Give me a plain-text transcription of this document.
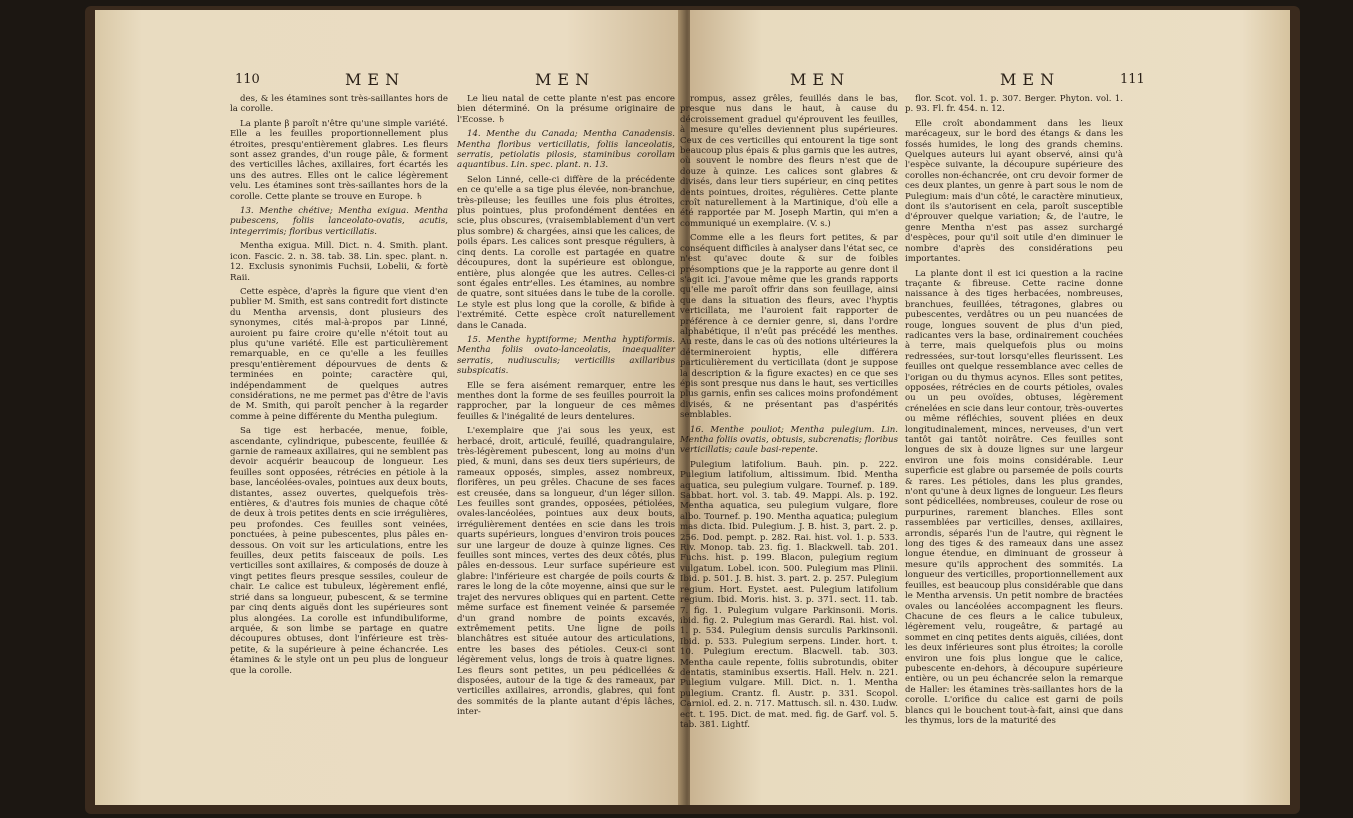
110	MEN	MEN

des, & les étamines sont très-saillantes hors de la corolle.

La plante β paroît n'être qu'une simple variété. Elle a les feuilles proportionnellement plus étroites, presqu'entièrement glabres. Les fleurs sont assez grandes, d'un rouge pâle, & forment des verticilles lâches, axillaires, fort écartés les uns des autres. Elles ont le calice légèrement velu. Les étamines sont très-saillantes hors de la corolle. Cette plante se trouve en Europe. ♄

13. Menthe chétive; Mentha exigua. Mentha pubescens, foliis lanceolato-ovatis, acutis, integerrimis; floribus verticillatis.

Mentha exigua. Mill. Dict. n. 4. Smith. plant. icon. Fascic. 2. n. 38. tab. 38. Lin. spec. plant. n. 12. Exclusis synonimis Fuchsii, Lobelii, & fortè Raii.

Cette espèce, d'après la figure que vient d'en publier M. Smith, est sans contredit fort distincte du Mentha arvensis, dont plusieurs des synonymes, cités mal-à-propos par Linné, auroient pu faire croire qu'elle n'étoit tout au plus qu'une variété. Elle est particulièrement remarquable, en ce qu'elle a les feuilles presqu'entièrement dépourvues de dents & terminées en pointe; caractère qui, indépendamment de quelques autres considérations, ne me permet pas d'être de l'avis de M. Smith, qui paroît pencher à la regarder comme à peine différente du Mentha pulegium.

Sa tige est herbacée, menue, foible, ascendante, cylindrique, pubescente, feuillée & garnie de rameaux axillaires, qui ne semblent pas devoir acquérir beaucoup de longueur. Les feuilles sont opposées, rétrécies en pétiole à la base, lancéolées-ovales, pointues aux deux bouts, distantes, assez ouvertes, quelquefois très-entières, & d'autres fois munies de chaque côté de deux à trois petites dents en scie irrégulières, peu profondes. Ces feuilles sont veinées, ponctuées, à peine pubescentes, plus pâles en-dessous. On voit sur les articulations, entre les feuilles, deux petits faisceaux de poils. Les verticilles sont axillaires, & composés de douze à vingt petites fleurs presque sessiles, couleur de chair. Le calice est tubuleux, légèrement enflé, strié dans sa longueur, pubescent, & se termine par cinq dents aiguës dont les supérieures sont plus alongées. La corolle est infundibuliforme, arquée, & son limbe se partage en quatre découpures obtuses, dont l'inférieure est très-petite, & la supérieure à peine échancrée. Les étamines & le style ont un peu plus de longueur que la corolle.

Le lieu natal de cette plante n'est pas encore bien déterminé. On la présume originaire de l'Ecosse. ♄

14. Menthe du Canada; Mentha Canadensis. Mentha floribus verticillatis, foliis lanceolatis, serratis, petiolatis pilosis, staminibus corollam aquantibus. Lin. spec. plant. n. 13.

Selon Linné, celle-ci diffère de la précédente en ce qu'elle a sa tige plus élevée, non-branchue, très-pileuse; les feuilles une fois plus étroites, plus pointues, plus profondément dentées en scie, plus obscures, (vraisemblablement d'un vert plus sombre) & chargées, ainsi que les calices, de poils épars. Les calices sont presque réguliers, à cinq dents. La corolle est partagée en quatre découpures, dont la supérieure est oblongue, entière, plus alongée que les autres. Celles-ci sont égales entr'elles. Les étamines, au nombre de quatre, sont situées dans le tube de la corolle. Le style est plus long que la corolle, & bifide à l'extrémité. Cette espèce croît naturellement dans le Canada.

15. Menthe hyptiforme; Mentha hyptiformis. Mentha foliis ovato-lanceolatis, inaequaliter serratis, nudiusculis; verticillis axillaribus subspicatis.

Elle se fera aisément remarquer, entre les menthes dont la forme de ses feuilles pourroit la rapprocher, par la longueur de ces mêmes feuilles & l'inégalité de leurs dentelures.

L'exemplaire que j'ai sous les yeux, est herbacé, droit, articulé, feuillé, quadrangulaire, très-légèrement pubescent, long au moins d'un pied, & muni, dans ses deux tiers supérieurs, de rameaux opposés, simples, assez nombreux, florifères, un peu grêles. Chacune de ses faces est creusée, dans sa longueur, d'un léger sillon. Les feuilles sont grandes, opposées, pétiolées, ovales-lancéolées, pointues aux deux bouts, irrégulièrement dentées en scie dans les trois quarts supérieurs, longues d'environ trois pouces sur une largeur de douze à quinze lignes. Ces feuilles sont minces, vertes des deux côtés, plus pâles en-dessous. Leur surface supérieure est glabre: l'inférieure est chargée de poils courts & rares le long de la côte moyenne, ainsi que sur le trajet des nervures obliques qui en partent. Cette même surface est finement veinée & parsemée d'un grand nombre de points excavés, extrêmement petits. Une ligne de poils blanchâtres est située autour des articulations, entre les bases des pétioles. Ceux-ci sont légèrement velus, longs de trois à quatre lignes. Les fleurs sont petites, un peu pédicellées & disposées, autour de la tige & des rameaux, par verticilles axillaires, arrondis, glabres, qui font des sommités de la plante autant d'épis lâches, inter-

MEN	MEN	111

rompus, assez grêles, feuillés dans le bas, presque nus dans le haut, à cause du décroissement graduel qu'éprouvent les feuilles, à mesure qu'elles deviennent plus supérieures. Ceux de ces verticilles qui entourent la tige sont beaucoup plus épais & plus garnis que les autres, où souvent le nombre des fleurs n'est que de douze à quinze. Les calices sont glabres & divisés, dans leur tiers supérieur, en cinq petites dents pointues, droites, régulières. Cette plante croît naturellement à la Martinique, d'où elle a été rapportée par M. Joseph Martin, qui m'en a communiqué un exemplaire. (V. s.)

Comme elle a les fleurs fort petites, & par conséquent difficiles à analyser dans l'état sec, ce n'est qu'avec doute & sur de foibles présomptions que je la rapporte au genre dont il s'agit ici. J'avoue même que les grands rapports qu'elle me paroît offrir dans son feuillage, ainsi que dans la situation des fleurs, avec l'hyptis verticillata, me l'auroient fait rapporter de préférence à ce dernier genre, si, dans l'ordre alphabétique, il n'eût pas précédé les menthes. Au reste, dans le cas où des notions ultérieures la détermineroient hyptis, elle différera particulièrement du verticillata (dont je suppose la description & la figure exactes) en ce que ses épis sont presque nus dans le haut, ses verticilles plus garnis, enfin ses calices moins profondément divisés, & ne présentant pas d'aspérités semblables.

16. Menthe pouliot; Mentha pulegium. Lin. Mentha foliis ovatis, obtusis, subcrenatis; floribus verticillatis; caule basi-repente.

Pulegium latifolium. Bauh. pin. p. 222. Pulegium latifolium, altissimum. Ibid. Mentha aquatica, seu pulegium vulgare. Tournef. p. 189. Sabbat. hort. vol. 3. tab. 49. Mappi. Als. p. 192. Mentha aquatica, seu pulegium vulgare, flore albo. Tournef. p. 190. Mentha aquatica; pulegium mas dicta. Ibid. Pulegium. J. B. hist. 3, part. 2. p. 256. Dod. pempt. p. 282. Rai. hist. vol. 1. p. 533. Riv. Monop. tab. 23. fig. 1. Blackwell. tab. 201. Fuchs. hist. p. 199. Blacon, pulegium regium vulgatum. Lobel. icon. 500. Pulegium mas Plinii. Ibid. p. 501. J. B. hist. 3. part. 2. p. 257. Pulegium regium. Hort. Eystet. aest. Pulegium latifolium regium. Ibid. Moris. hist. 3. p. 371. sect. 11. tab. 7. fig. 1. Pulegium vulgare Parkinsonii. Moris. ibid. fig. 2. Pulegium mas Gerardi. Rai. hist. vol. 1. p. 534. Pulegium densis surculis Parkinsonii. Ibid. p. 533. Pulegium serpens. Linder. hort. t. 10. Pulegium erectum. Blacwell. tab. 303. Mentha caule repente, foliis subrotundis, obiter dentatis, staminibus exsertis. Hall. Helv. n. 221. Pulegium vulgare. Mill. Dict. n. 1. Mentha pulegium. Crantz. fl. Austr. p. 331. Scopol. Carniol. ed. 2. n. 717. Mattusch. sil. n. 430. Ludw. ect. t. 195. Dict. de mat. med. fig. de Garf. vol. 5. tab. 381. Lightf.

flor. Scot. vol. 1. p. 307. Berger. Phyton. vol. 1. p. 93. Fl. fr. 454. n. 12.

Elle croît abondamment dans les lieux marécageux, sur le bord des étangs & dans les fossés humides, le long des grands chemins. Quelques auteurs lui ayant observé, ainsi qu'à l'espèce suivante, la découpure supérieure des corolles non-échancrée, ont cru devoir former de ces deux plantes, un genre à part sous le nom de Pulegium: mais d'un côté, le caractère minutieux, dont ils s'autorisent en cela, paroît susceptible d'éprouver quelque variation; &, de l'autre, le genre Mentha n'est pas assez surchargé d'espèces, pour qu'il soit utile d'en diminuer le nombre d'après des considérations peu importantes.

La plante dont il est ici question a la racine traçante & fibreuse. Cette racine donne naissance à des tiges herbacées, nombreuses, branchues, feuillées, tétragones, glabres ou pubescentes, verdâtres ou un peu nuancées de rouge, longues souvent de plus d'un pied, radicantes vers la base, ordinairement couchées à terre, mais quelquefois plus ou moins redressées, sur-tout lorsqu'elles fleurissent. Les feuilles ont quelque ressemblance avec celles de l'origan ou du thymus acynos. Elles sont petites, opposées, rétrécies en de courts pétioles, ovales ou un peu ovoïdes, obtuses, légèrement crénelées en scie dans leur contour, très-ouvertes ou même réfléchies, souvent pliées en deux longitudinalement, minces, nerveuses, d'un vert tantôt gai tantôt noirâtre. Ces feuilles sont longues de six à douze lignes sur une largeur environ une fois moins considérable. Leur superficie est glabre ou parsemée de poils courts & rares. Les pétioles, dans les plus grandes, n'ont qu'une à deux lignes de longueur. Les fleurs sont pédicellées, nombreuses, couleur de rose ou purpurines, rarement blanches. Elles sont rassemblées par verticilles, denses, axillaires, arrondis, séparés l'un de l'autre, qui règnent le long des tiges & des rameaux dans une assez longue étendue, en diminuant de grosseur à mesure qu'ils approchent des sommités. La longueur des verticilles, proportionnellement aux feuilles, est beaucoup plus considérable que dans le Mentha arvensis. Un petit nombre de bractées ovales ou lancéolées accompagnent les fleurs. Chacune de ces fleurs a le calice tubuleux, légèrement velu, rougeâtre, & partagé au sommet en cinq petites dents aiguës, ciliées, dont les deux inférieures sont plus étroites; la corolle environ une fois plus longue que le calice, pubescente en-dehors, à découpure supérieure entière, ou un peu échancrée selon la remarque de Haller: les étamines très-saillantes hors de la corolle. L'orifice du calice est garni de poils blancs qui le bouchent tout-à-fait, ainsi que dans les thymus, lors de la maturité des
